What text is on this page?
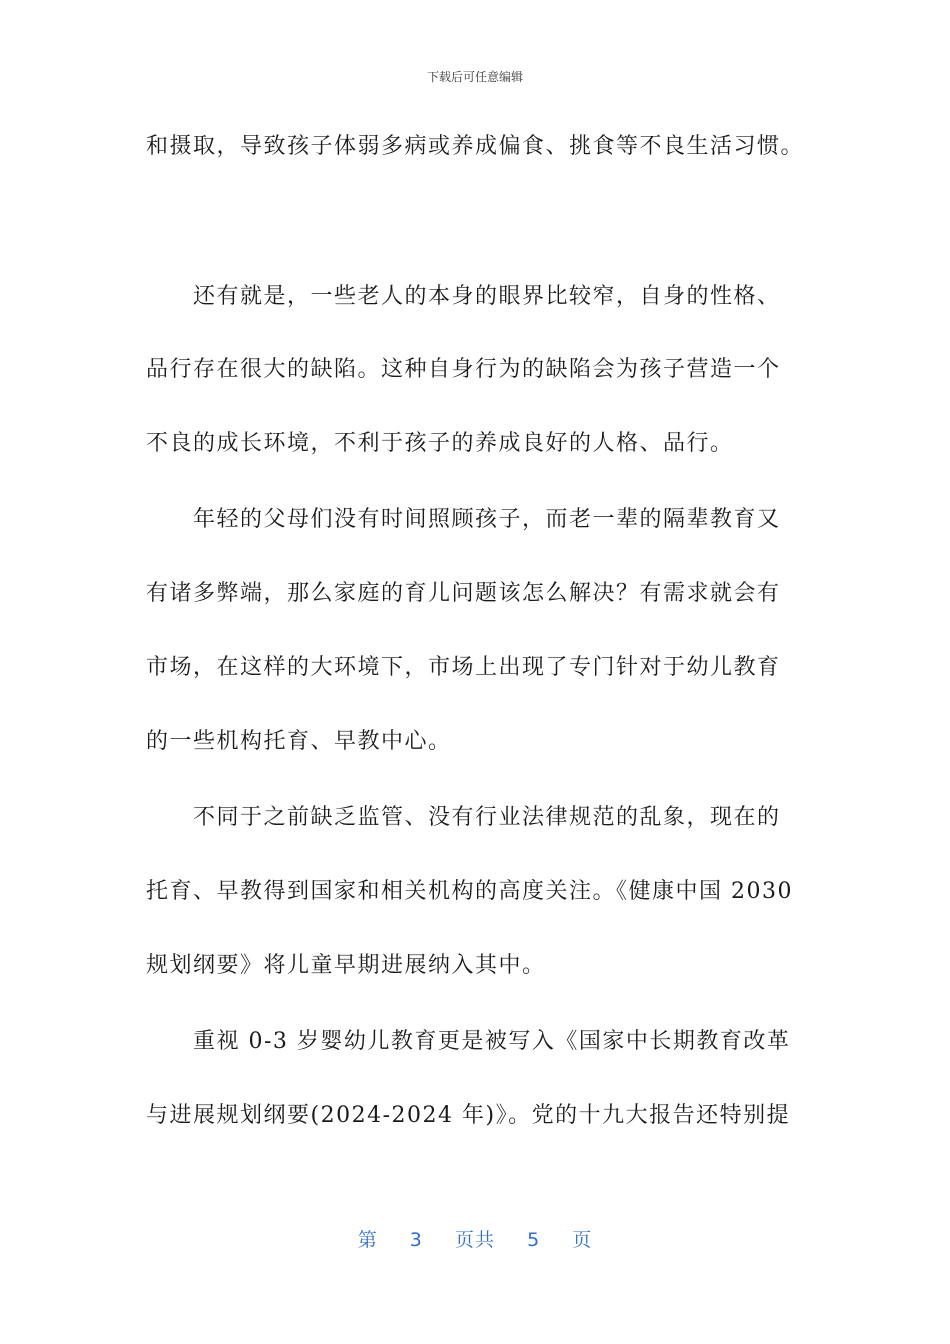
下载后可任意编辑
和摄取，导致孩子体弱多病或养成偏食、挑食等不良生活习惯。
　　还有就是，一些老人的本身的眼界比较窄，自身的性格、
品行存在很大的缺陷。这种自身行为的缺陷会为孩子营造一个
不良的成长环境，不利于孩子的养成良好的人格、品行。
　　年轻的父母们没有时间照顾孩子，而老一辈的隔辈教育又
有诸多弊端，那么家庭的育儿问题该怎么解决？有需求就会有
市场，在这样的大环境下，市场上出现了专门针对于幼儿教育
的一些机构托育、早教中心。
　　不同于之前缺乏监管、没有行业法律规范的乱象，现在的
托育、早教得到国家和相关机构的高度关注。《健康中国 2030
规划纲要》将儿童早期进展纳入其中。
　　重视 0-3 岁婴幼儿教育更是被写入《国家中长期教育改革
与进展规划纲要(2024-2024 年)》。党的十九大报告还特别提
第 3 页共 5 页
